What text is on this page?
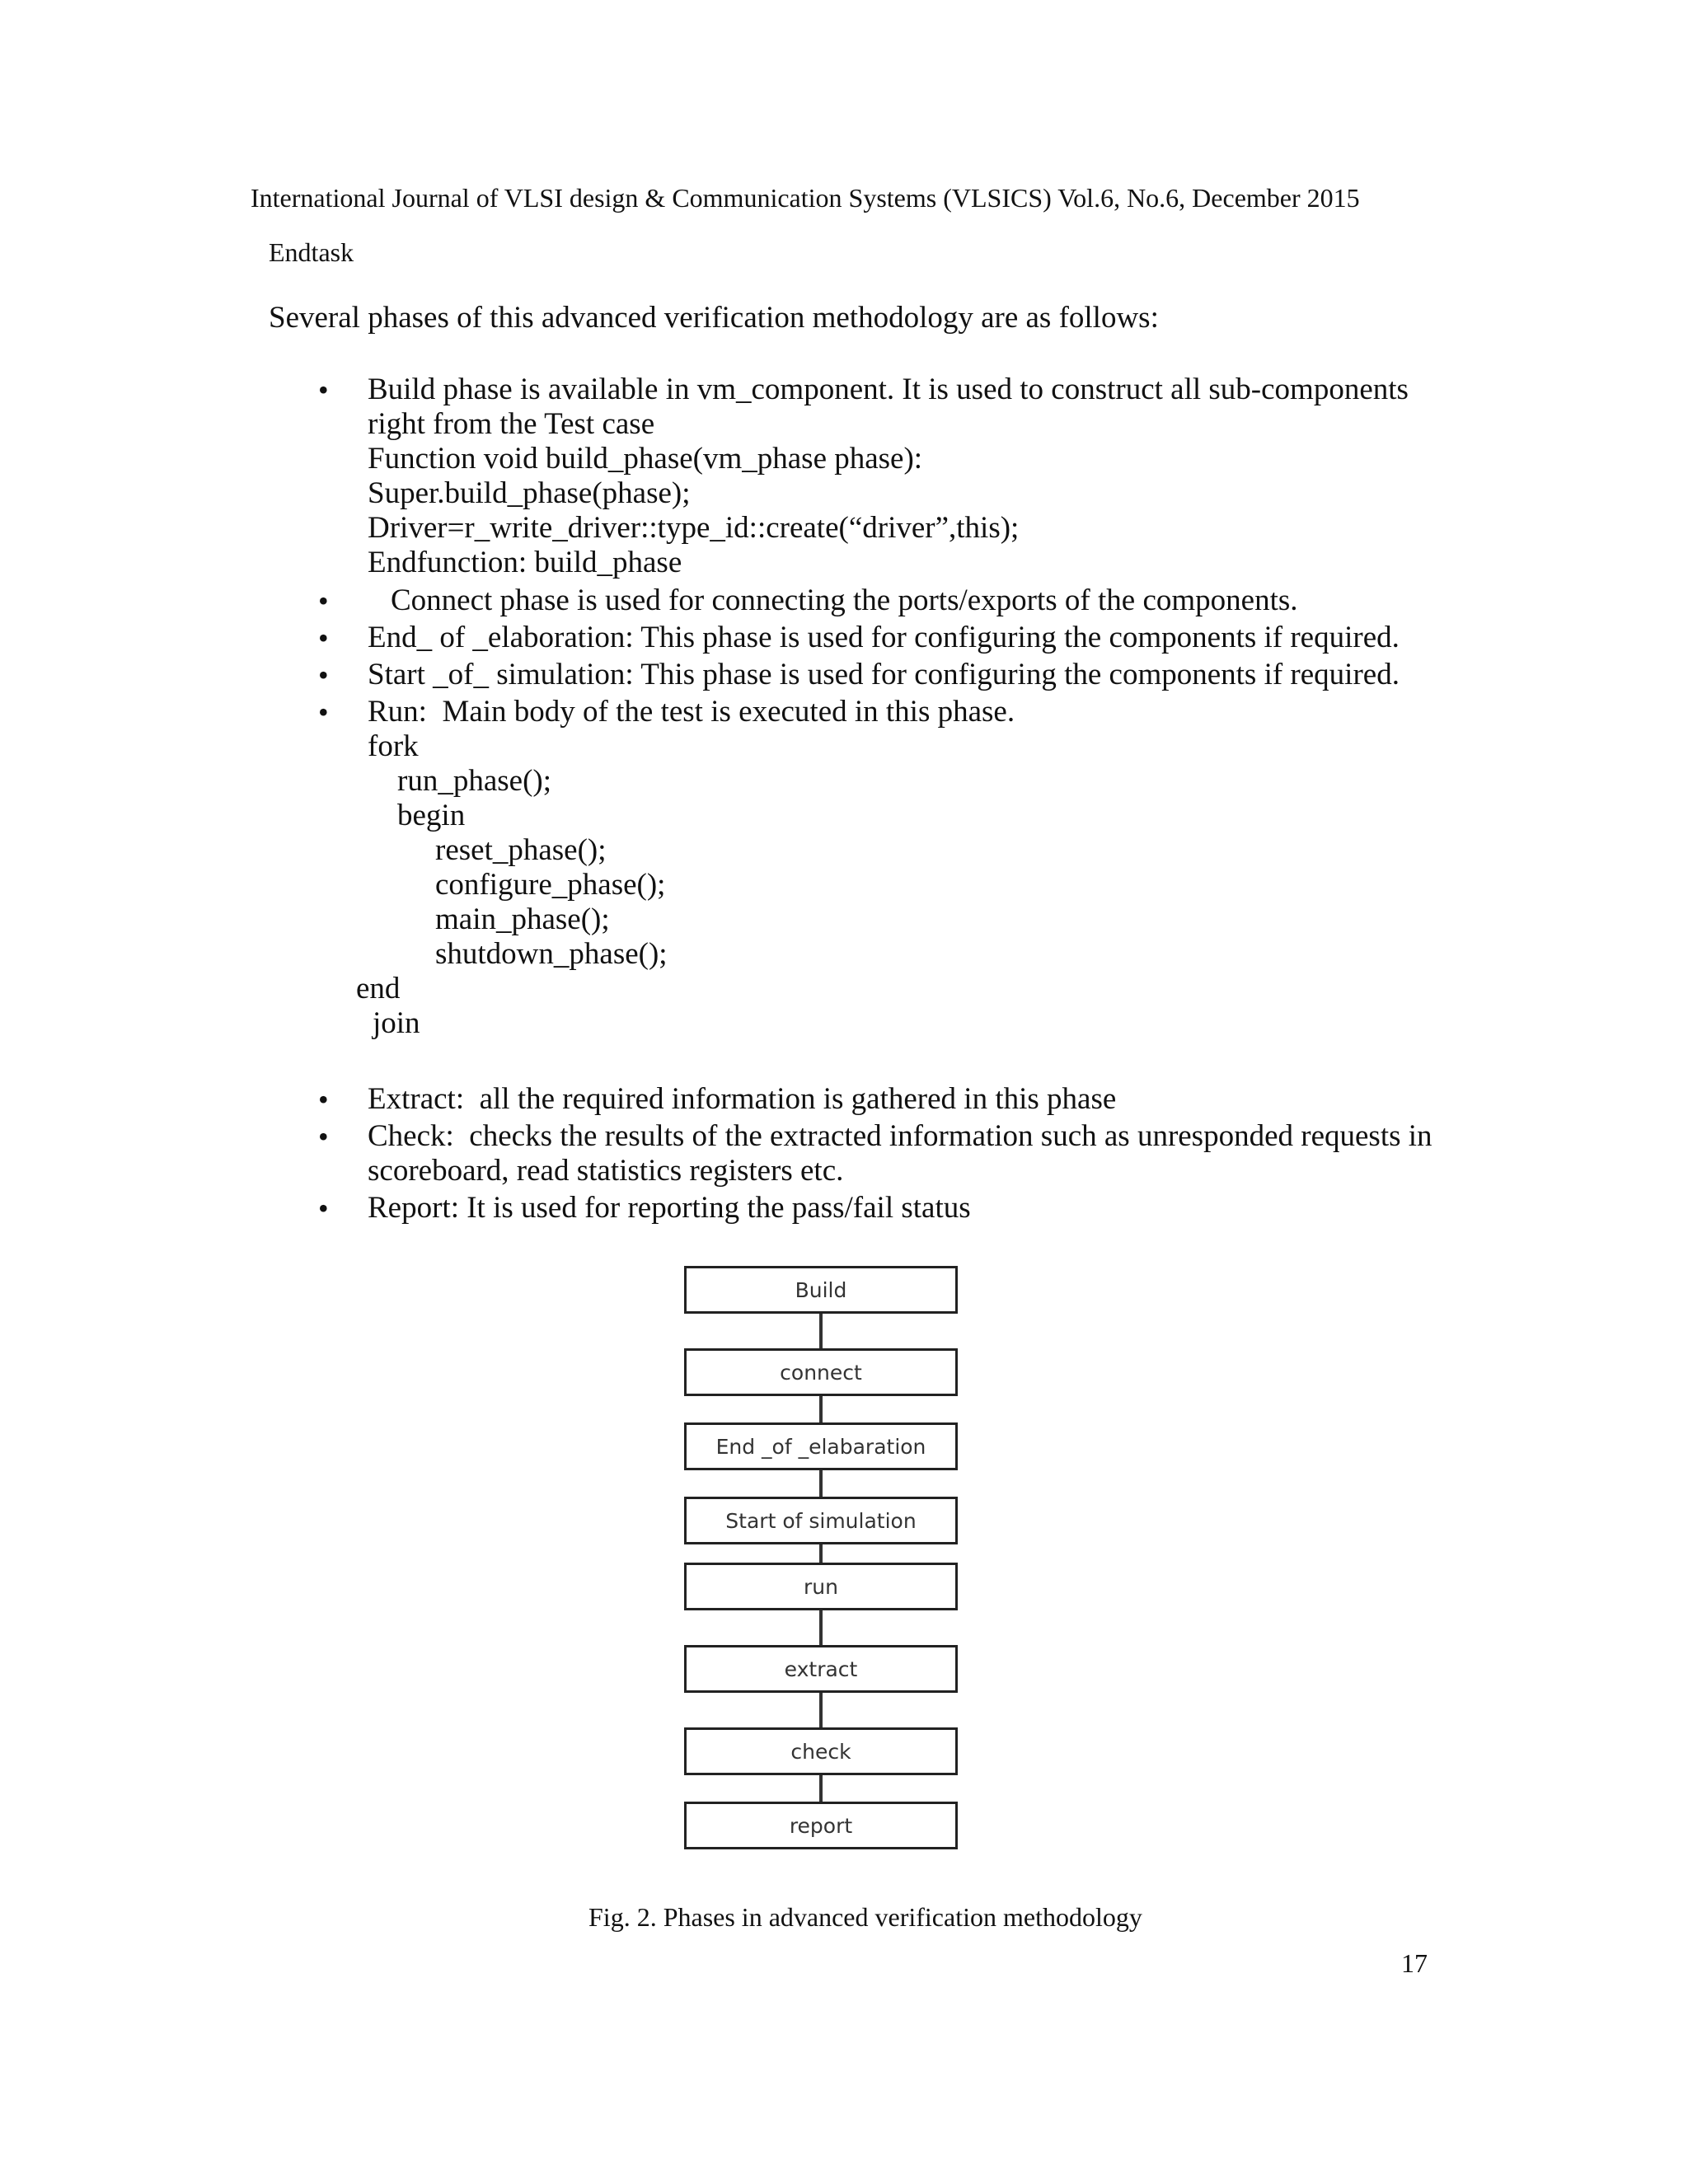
International Journal of VLSI design & Communication Systems (VLSICS) Vol.6, No.6, December 2015
Endtask
Several phases of this advanced verification methodology are as follows:
• Build phase is available in vm_component. It is used to construct all sub-components
right from the Test case
Function void build_phase(vm_phase phase):
Super.build_phase(phase);
Driver=r_write_driver::type_id::create(“driver”,this);
Endfunction: build_phase
• Connect phase is used for connecting the ports/exports of the components.
• End_ of _elaboration: This phase is used for configuring the components if required.
• Start _of_ simulation: This phase is used for configuring the components if required.
• Run:  Main body of the test is executed in this phase.
fork
run_phase();
begin
reset_phase();
configure_phase();
main_phase();
shutdown_phase();
end
join
• Extract:  all the required information is gathered in this phase
• Check:  checks the results of the extracted information such as unresponded requests in
scoreboard, read statistics registers etc.
• Report: It is used for reporting the pass/fail status
Build
connect
End _of _elabaration
Start of simulation
run
extract
check
report
Fig. 2. Phases in advanced verification methodology
17
